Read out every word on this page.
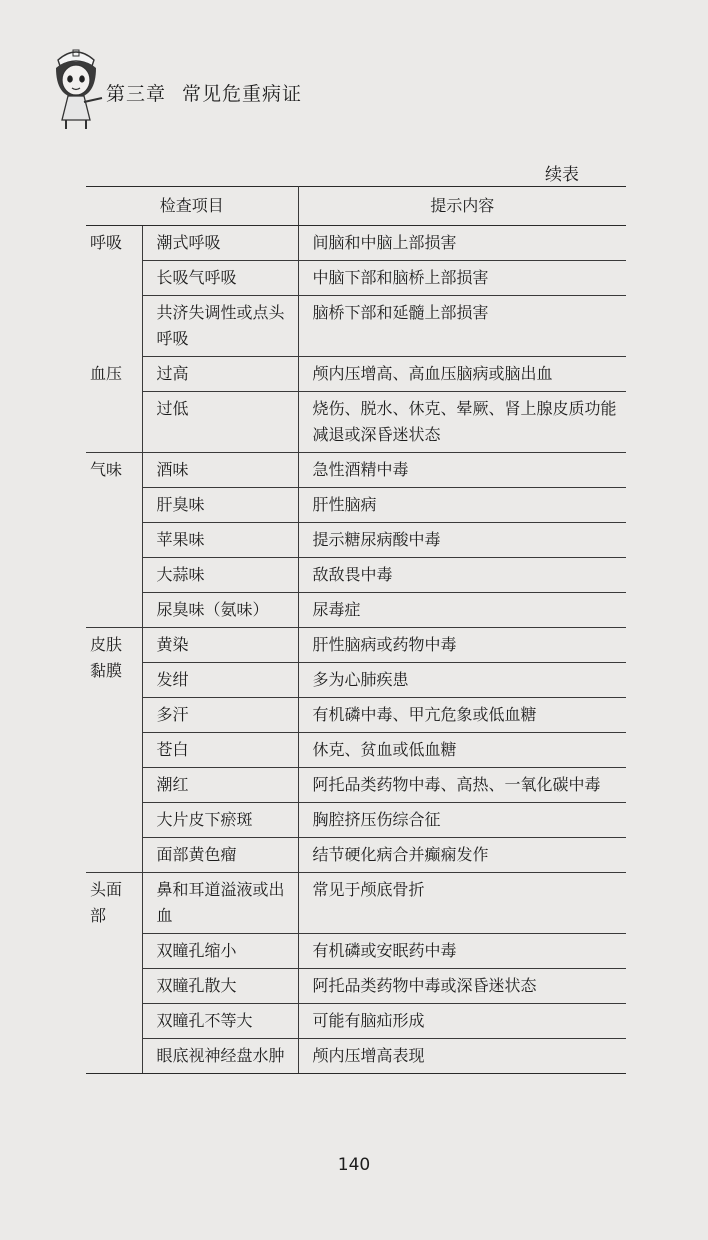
第三章 常见危重病证
续表
检查项目		提示内容
呼吸	潮式呼吸	间脑和中脑上部损害
	长吸气呼吸	中脑下部和脑桥上部损害
	共济失调性或点头呼吸	脑桥下部和延髓上部损害
血压	过高	颅内压增高、高血压脑病或脑出血
	过低	烧伤、脱水、休克、晕厥、肾上腺皮质功能减退或深昏迷状态
气味	酒味	急性酒精中毒
	肝臭味	肝性脑病
	苹果味	提示糖尿病酸中毒
	大蒜味	敌敌畏中毒
	尿臭味（氨味）	尿毒症
皮肤黏膜	黄染	肝性脑病或药物中毒
	发绀	多为心肺疾患
	多汗	有机磷中毒、甲亢危象或低血糖
	苍白	休克、贫血或低血糖
	潮红	阿托品类药物中毒、高热、一氧化碳中毒
	大片皮下瘀斑	胸腔挤压伤综合征
	面部黄色瘤	结节硬化病合并癫痫发作
头面部	鼻和耳道溢液或出血	常见于颅底骨折
	双瞳孔缩小	有机磷或安眠药中毒
	双瞳孔散大	阿托品类药物中毒或深昏迷状态
	双瞳孔不等大	可能有脑疝形成
	眼底视神经盘水肿	颅内压增高表现
140
